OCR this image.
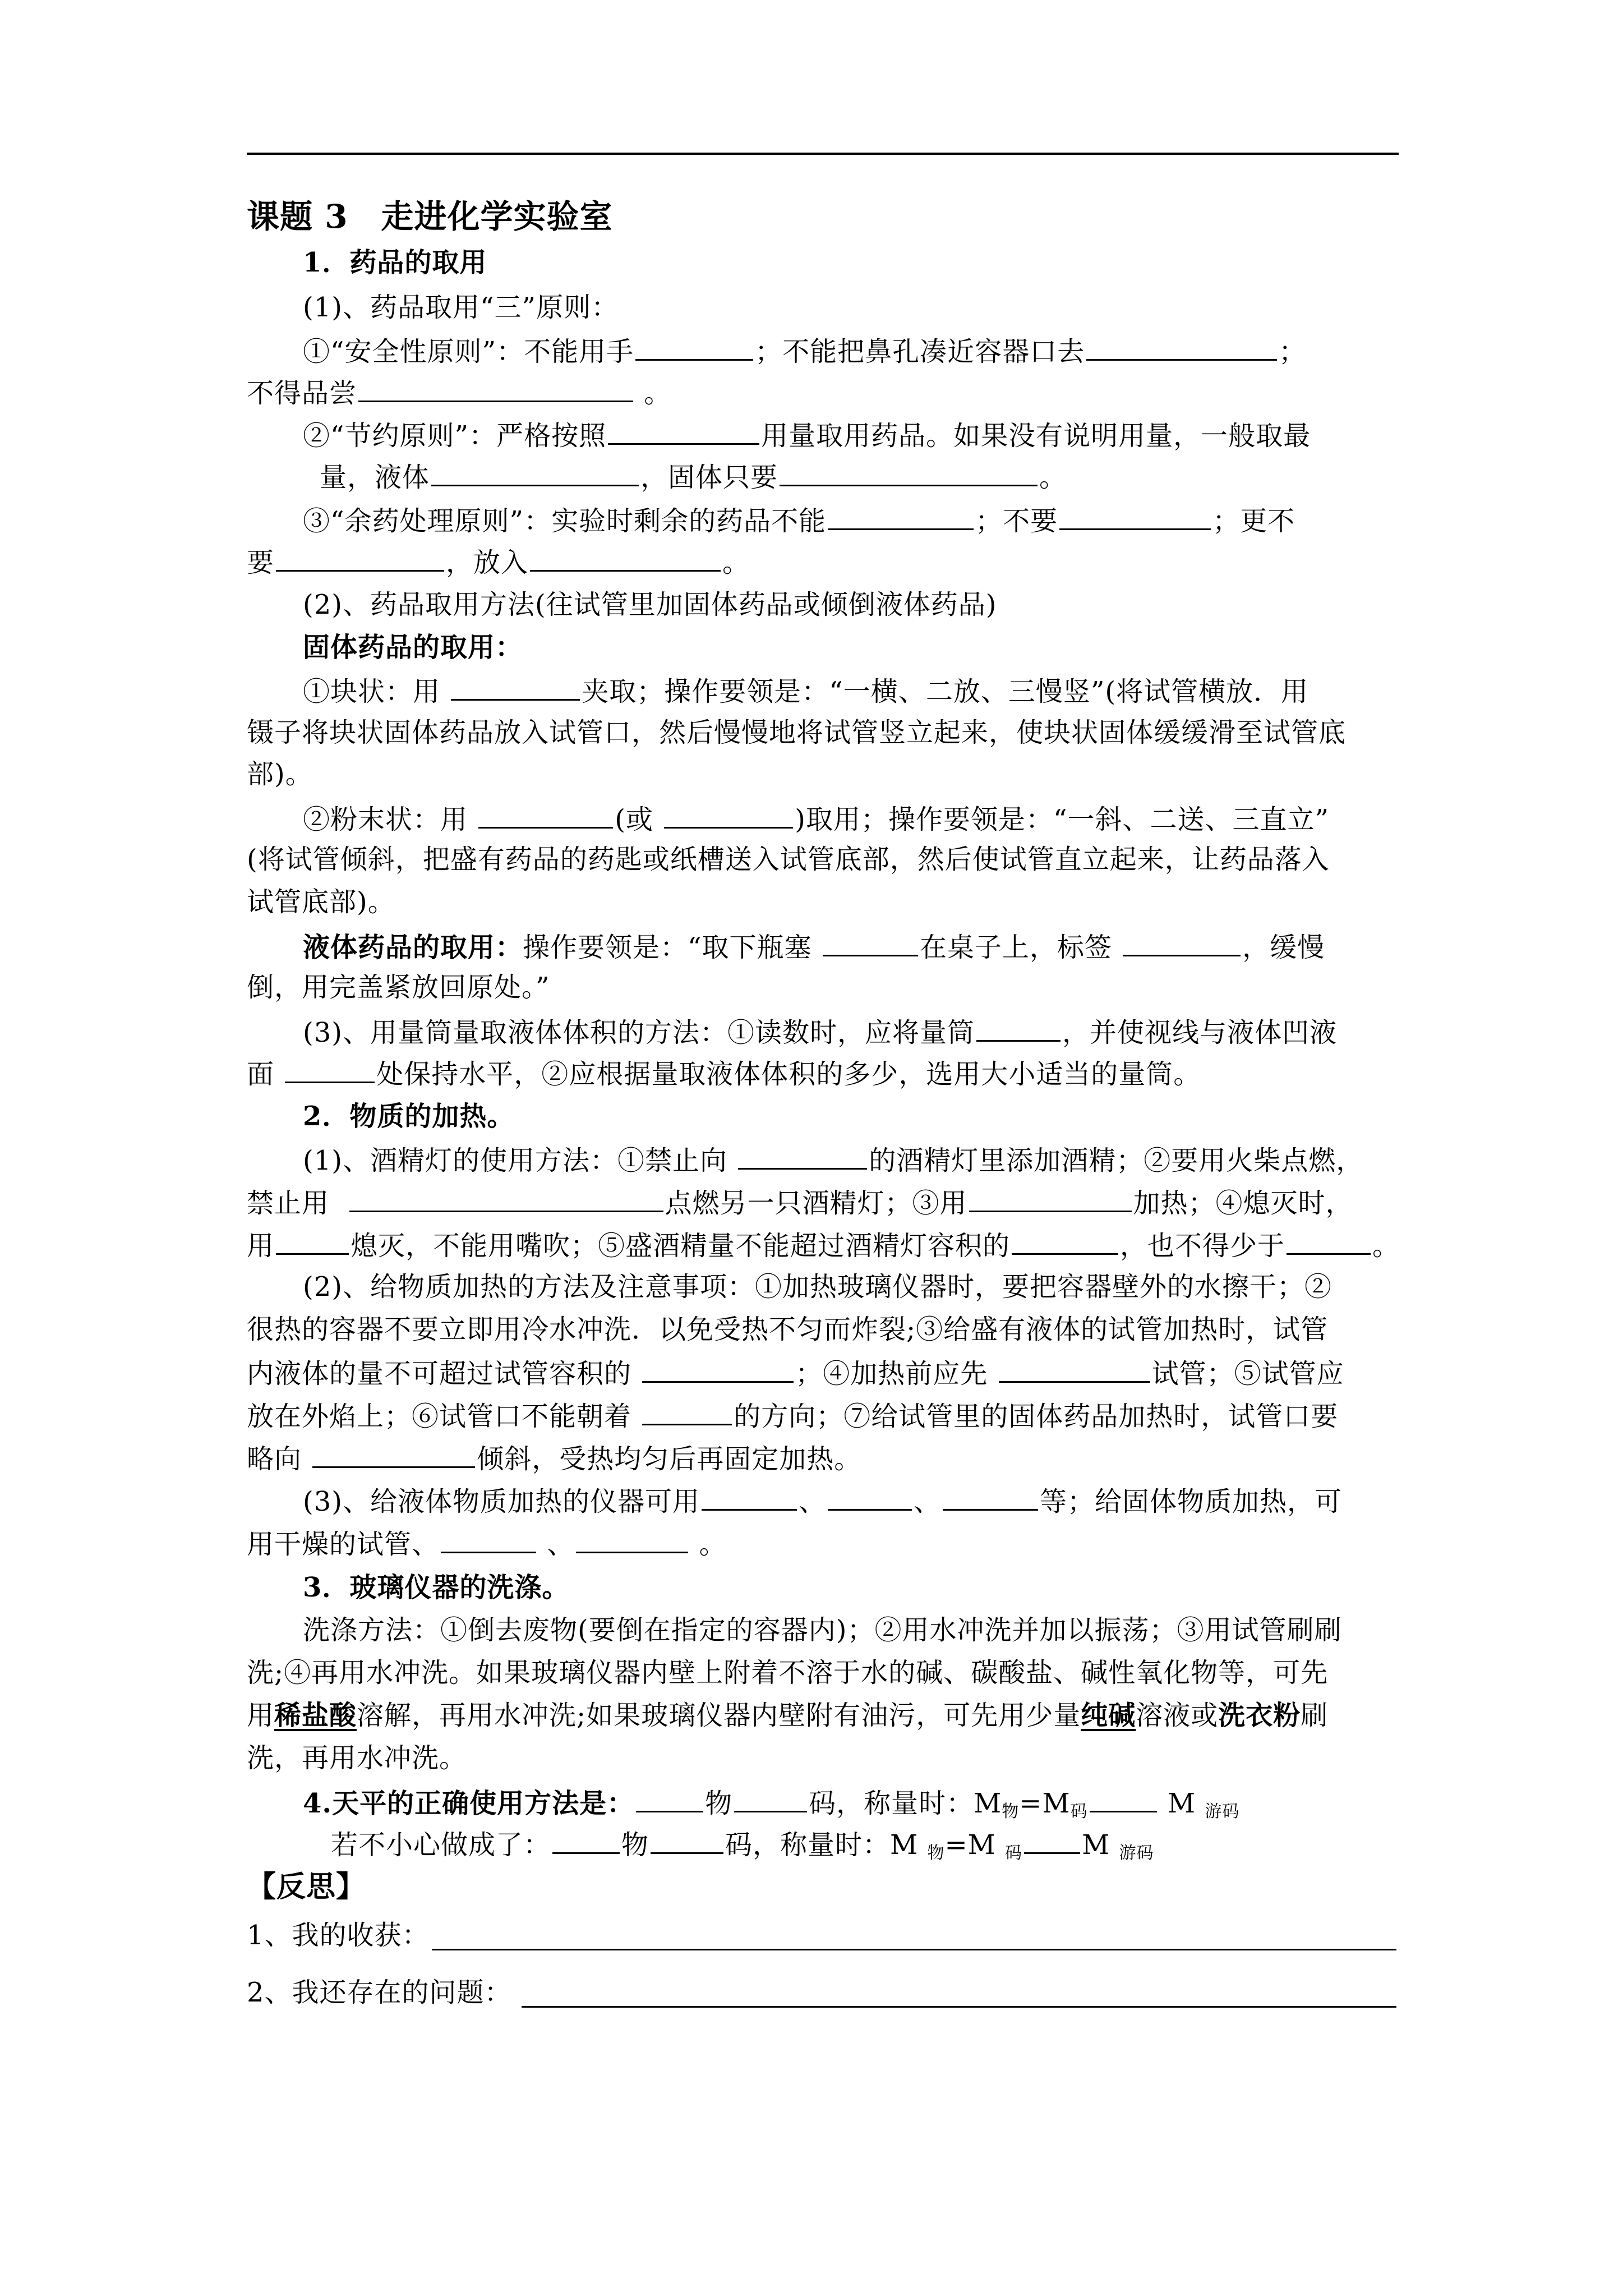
课题 3　走进化学实验室
1．药品的取用
(1)、药品取用“三”原则：
①“安全性原则”：不能用手	；不能把鼻孔凑近容器口去	；
不得品尝	。
②“节约原则”：严格按照	用量取用药品。如果没有说明用量，一般取最
量，液体	，固体只要	。
③“余药处理原则”：实验时剩余的药品不能	；不要	；更不
要	，放入	。
(2)、药品取用方法(往试管里加固体药品或倾倒液体药品)
固体药品的取用：
①块状：用	夹取；操作要领是：“一横、二放、三慢竖”(将试管横放．用
镊子将块状固体药品放入试管口，然后慢慢地将试管竖立起来，使块状固体缓缓滑至试管底
部)。
②粉末状：用	(或	)取用；操作要领是：“一斜、二送、三直立”
(将试管倾斜，把盛有药品的药匙或纸槽送入试管底部，然后使试管直立起来，让药品落入
试管底部)。
液体药品的取用：操作要领是：“取下瓶塞	在桌子上，标签	，缓慢
倒，用完盖紧放回原处。”
(3)、用量筒量取液体体积的方法：①读数时，应将量筒	，并使视线与液体凹液
面	处保持水平，②应根据量取液体体积的多少，选用大小适当的量筒。
2．物质的加热。
(1)、酒精灯的使用方法：①禁止向	的酒精灯里添加酒精；②要用火柴点燃，
禁止用	点燃另一只酒精灯；③用	加热；④熄灭时，
用	熄灭，不能用嘴吹；⑤盛酒精量不能超过酒精灯容积的	，也不得少于	。
(2)、给物质加热的方法及注意事项：①加热玻璃仪器时，要把容器壁外的水擦干；②
很热的容器不要立即用冷水冲洗．以免受热不匀而炸裂;③给盛有液体的试管加热时，试管
内液体的量不可超过试管容积的	；④加热前应先	试管；⑤试管应
放在外焰上；⑥试管口不能朝着	的方向；⑦给试管里的固体药品加热时，试管口要
略向	倾斜，受热均匀后再固定加热。
(3)、给液体物质加热的仪器可用	、	、	等；给固体物质加热，可
用干燥的试管、	、	。
3．玻璃仪器的洗涤。
洗涤方法：①倒去废物(要倒在指定的容器内)；②用水冲洗并加以振荡；③用试管刷刷
洗;④再用水冲洗。如果玻璃仪器内壁上附着不溶于水的碱、碳酸盐、碱性氧化物等，可先
用稀盐酸溶解，再用水冲洗;如果玻璃仪器内壁附有油污，可先用少量纯碱溶液或洗衣粉刷
洗，再用水冲洗。
4.天平的正确使用方法是：	物	码，称量时：$M_物=M_码$	M $_{游码}$
若不小心做成了：	物	码，称量时：M $_物$=M $_码$ M $_{游码}$
【反思】
1、我的收获：
2、我还存在的问题：
